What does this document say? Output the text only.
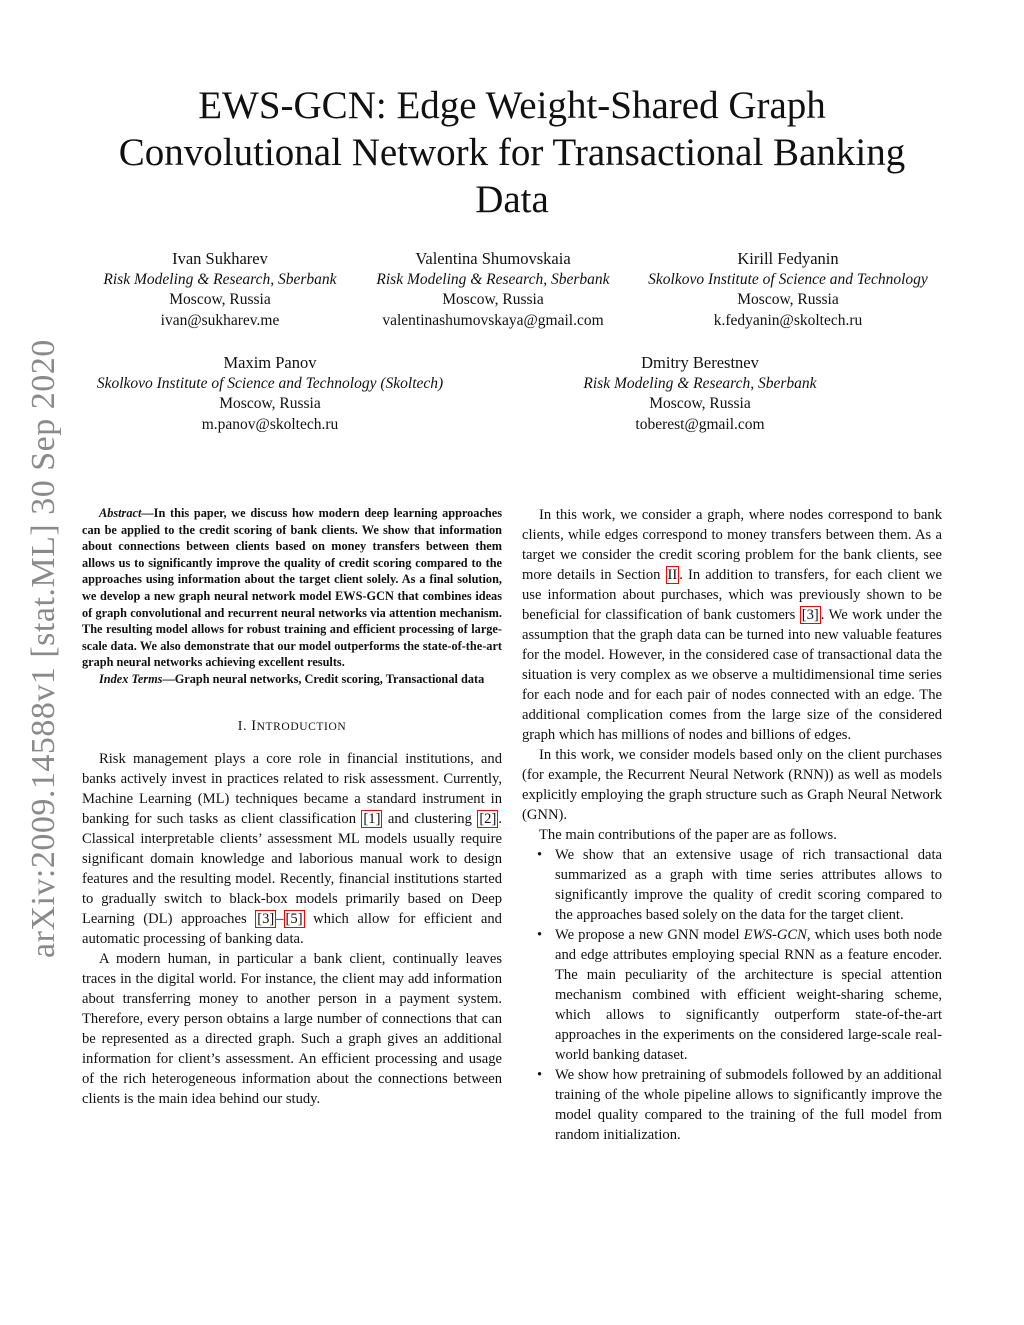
arXiv:2009.14588v1 [stat.ML] 30 Sep 2020
EWS-GCN: Edge Weight-Shared Graph Convolutional Network for Transactional Banking Data
Ivan Sukharev
Risk Modeling & Research, Sberbank
Moscow, Russia
ivan@sukharev.me
Valentina Shumovskaia
Risk Modeling & Research, Sberbank
Moscow, Russia
valentinashumovskaya@gmail.com
Kirill Fedyanin
Skolkovo Institute of Science and Technology
Moscow, Russia
k.fedyanin@skoltech.ru
Maxim Panov
Skolkovo Institute of Science and Technology (Skoltech)
Moscow, Russia
m.panov@skoltech.ru
Dmitry Berestnev
Risk Modeling & Research, Sberbank
Moscow, Russia
toberest@gmail.com

Abstract—In this paper, we discuss how modern deep learning approaches can be applied to the credit scoring of bank clients. We show that information about connections between clients based on money transfers between them allows us to significantly improve the quality of credit scoring compared to the approaches using information about the target client solely. As a final solution, we develop a new graph neural network model EWS-GCN that combines ideas of graph convolutional and recurrent neural networks via attention mechanism. The resulting model allows for robust training and efficient processing of large-scale data. We also demonstrate that our model outperforms the state-of-the-art graph neural networks achieving excellent results.

Index Terms—Graph neural networks, Credit scoring, Transactional data

I. INTRODUCTION

Risk management plays a core role in financial institutions, and banks actively invest in practices related to risk assessment. Currently, Machine Learning (ML) techniques became a standard instrument in banking for such tasks as client classification [1] and clustering [2] . Classical interpretable clients’ assessment ML models usually require significant domain knowledge and laborious manual work to design features and the resulting model. Recently, financial institutions started to gradually switch to black-box models primarily based on Deep Learning (DL) approaches [3] – [5] which allow for efficient and automatic processing of banking data.

A modern human, in particular a bank client, continually leaves traces in the digital world. For instance, the client may add information about transferring money to another person in a payment system. Therefore, every person obtains a large number of connections that can be represented as a directed graph. Such a graph gives an additional information for client’s assessment. An efficient processing and usage of the rich heterogeneous information about the connections between clients is the main idea behind our study.

In this work, we consider a graph, where nodes correspond to bank clients, while edges correspond to money transfers between them. As a target we consider the credit scoring problem for the bank clients, see more details in Section II . In addition to transfers, for each client we use information about purchases, which was previously shown to be beneficial for classification of bank customers [3] . We work under the assumption that the graph data can be turned into new valuable features for the model. However, in the considered case of transactional data the situation is very complex as we observe a multidimensional time series for each node and for each pair of nodes connected with an edge. The additional complication comes from the large size of the considered graph which has millions of nodes and billions of edges.

In this work, we consider models based only on the client purchases (for example, the Recurrent Neural Network (RNN)) as well as models explicitly employing the graph structure such as Graph Neural Network (GNN).

The main contributions of the paper are as follows.

• We show that an extensive usage of rich transactional data summarized as a graph with time series attributes allows to significantly improve the quality of credit scoring compared to the approaches based solely on the data for the target client.
• We propose a new GNN model EWS-GCN, which uses both node and edge attributes employing special RNN as a feature encoder. The main peculiarity of the architecture is special attention mechanism combined with efficient weight-sharing scheme, which allows to significantly outperform state-of-the-art approaches in the experiments on the considered large-scale real-world banking dataset.
• We show how pretraining of submodels followed by an additional training of the whole pipeline allows to significantly improve the model quality compared to the training of the full model from random initialization.
